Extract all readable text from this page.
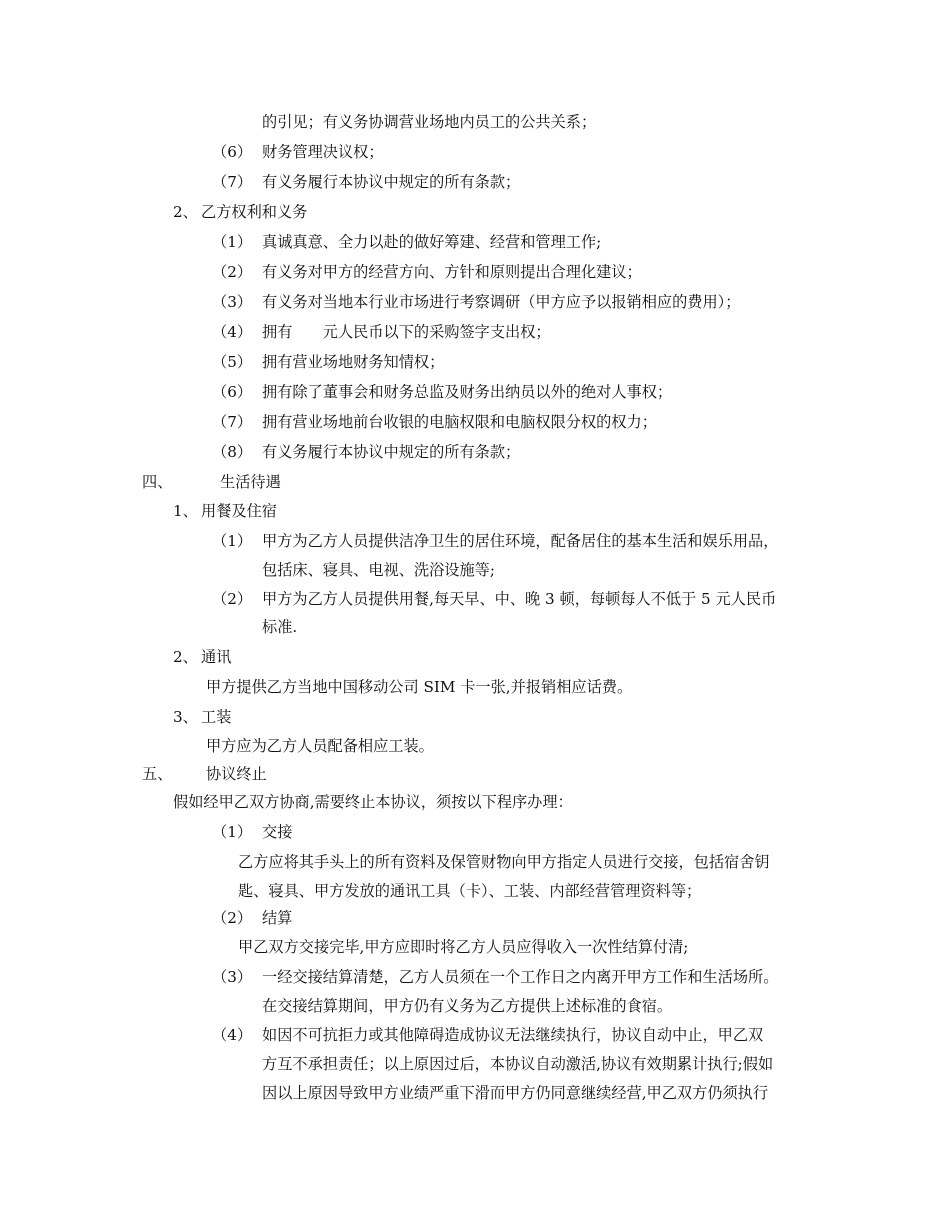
的引见；有义务协调营业场地内员工的公共关系；
（6） 财务管理决议权；
（7） 有义务履行本协议中规定的所有条款；
2、 乙方权利和义务
（1） 真诚真意、全力以赴的做好筹建、经营和管理工作;
（2） 有义务对甲方的经营方向、方针和原则提出合理化建议；
（3） 有义务对当地本行业市场进行考察调研（甲方应予以报销相应的费用）；
（4） 拥有　　元人民币以下的采购签字支出权；
（5） 拥有营业场地财务知情权；
（6） 拥有除了董事会和财务总监及财务出纳员以外的绝对人事权；
（7） 拥有营业场地前台收银的电脑权限和电脑权限分权的权力；
（8） 有义务履行本协议中规定的所有条款；
四、	生活待遇
1、 用餐及住宿
（1） 甲方为乙方人员提供洁净卫生的居住环境，配备居住的基本生活和娱乐用品，
包括床、寝具、电视、洗浴设施等;
（2） 甲方为乙方人员提供用餐,每天早、中、晚 3 顿，每顿每人不低于 5 元人民币
标准.
2、 通讯
甲方提供乙方当地中国移动公司 SIM 卡一张,并报销相应话费。
3、 工装
甲方应为乙方人员配备相应工装。
五、 协议终止
假如经甲乙双方协商,需要终止本协议，须按以下程序办理：
（1） 交接
乙方应将其手头上的所有资料及保管财物向甲方指定人员进行交接，包括宿舍钥
匙、寝具、甲方发放的通讯工具（卡）、工装、内部经营管理资料等；
（2） 结算
甲乙双方交接完毕,甲方应即时将乙方人员应得收入一次性结算付清;
（3） 一经交接结算清楚，乙方人员须在一个工作日之内离开甲方工作和生活场所。
在交接结算期间，甲方仍有义务为乙方提供上述标准的食宿。
（4） 如因不可抗拒力或其他障碍造成协议无法继续执行，协议自动中止，甲乙双
方互不承担责任；以上原因过后，本协议自动激活,协议有效期累计执行;假如
因以上原因导致甲方业绩严重下滑而甲方仍同意继续经营,甲乙双方仍须执行
